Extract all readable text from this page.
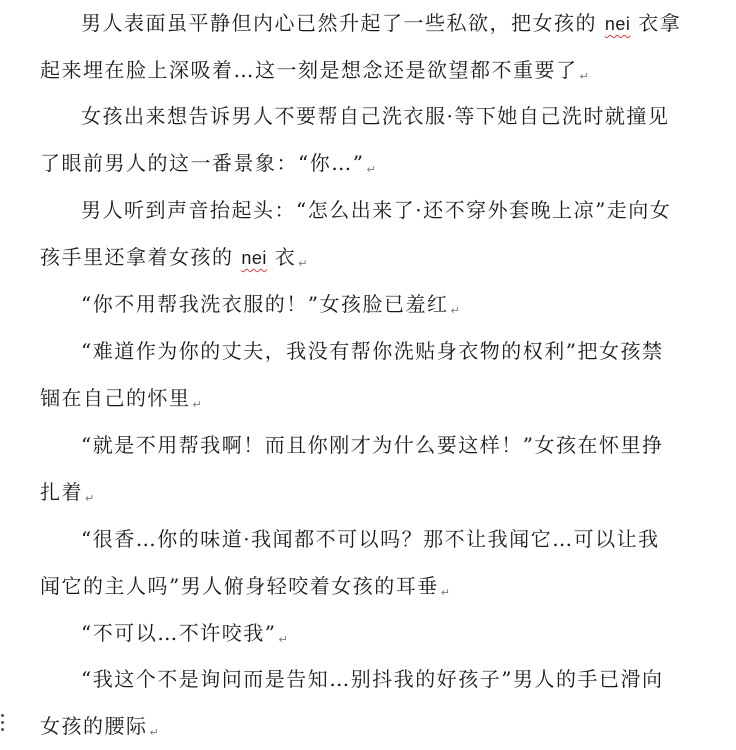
男人表面虽平静但内心已然升起了一些私欲，把女孩的 nei 衣拿
起来埋在脸上深吸着…这一刻是想念还是欲望都不重要了 ↵
女孩出来想告诉男人不要帮自己洗衣服·等下她自己洗时就撞见
了眼前男人的这一番景象：“你…” ↵
男人听到声音抬起头：“怎么出来了·还不穿外套晚上凉”走向女
孩手里还拿着女孩的 nei 衣 ↵
“你不用帮我洗衣服的！”女孩脸已羞红 ↵
“难道作为你的丈夫，我没有帮你洗贴身衣物的权利”把女孩禁
锢在自己的怀里 ↵
“就是不用帮我啊！而且你刚才为什么要这样！”女孩在怀里挣
扎着 ↵
“很香…你的味道·我闻都不可以吗？那不让我闻它…可以让我
闻它的主人吗”男人俯身轻咬着女孩的耳垂 ↵
“不可以…不许咬我” ↵
“我这个不是询问而是告知…别抖我的好孩子”男人的手已滑向
女孩的腰际 ↵
